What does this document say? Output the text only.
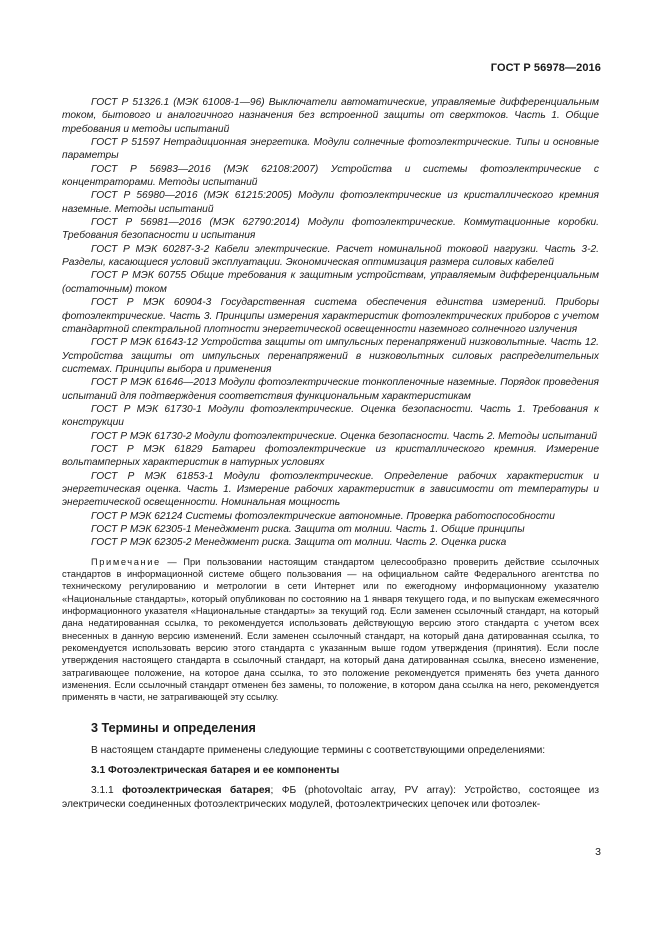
ГОСТ Р 56978—2016

ГОСТ Р 51326.1 (МЭК 61008-1—96) Выключатели автоматические, управляемые дифференциальным током, бытового и аналогичного назначения без встроенной защиты от сверхтоков. Часть 1. Общие требования и методы испытаний

ГОСТ Р 51597 Нетрадиционная энергетика. Модули солнечные фотоэлектрические. Типы и основные параметры

ГОСТ Р 56983—2016 (МЭК 62108:2007) Устройства и системы фотоэлектрические с концентраторами. Методы испытаний

ГОСТ Р 56980—2016 (МЭК 61215:2005) Модули фотоэлектрические из кристаллического кремния наземные. Методы испытаний

ГОСТ Р 56981—2016 (МЭК 62790:2014) Модули фотоэлектрические. Коммутационные коробки. Требования безопасности и испытания

ГОСТ Р МЭК 60287-3-2 Кабели электрические. Расчет номинальной токовой нагрузки. Часть 3-2. Разделы, касающиеся условий эксплуатации. Экономическая оптимизация размера силовых кабелей

ГОСТ Р МЭК 60755 Общие требования к защитным устройствам, управляемым дифференциальным (остаточным) током

ГОСТ Р МЭК 60904-3 Государственная система обеспечения единства измерений. Приборы фотоэлектрические. Часть 3. Принципы измерения характеристик фотоэлектрических приборов с учетом стандартной спектральной плотности энергетической освещенности наземного солнечного излучения

ГОСТ Р МЭК 61643-12 Устройства защиты от импульсных перенапряжений низковольтные. Часть 12. Устройства защиты от импульсных перенапряжений в низковольтных силовых распределительных системах. Принципы выбора и применения

ГОСТ Р МЭК 61646—2013 Модули фотоэлектрические тонкопленочные наземные. Порядок проведения испытаний для подтверждения соответствия функциональным характеристикам

ГОСТ Р МЭК 61730-1 Модули фотоэлектрические. Оценка безопасности. Часть 1. Требования к конструкции

ГОСТ Р МЭК 61730-2 Модули фотоэлектрические. Оценка безопасности. Часть 2. Методы испытаний

ГОСТ Р МЭК 61829 Батареи фотоэлектрические из кристаллического кремния. Измерение вольтамперных характеристик в натурных условиях

ГОСТ Р МЭК 61853-1 Модули фотоэлектрические. Определение рабочих характеристик и энергетическая оценка. Часть 1. Измерение рабочих характеристик в зависимости от температуры и энергетической освещенности. Номинальная мощность

ГОСТ Р МЭК 62124 Системы фотоэлектрические автономные. Проверка работоспособности

ГОСТ Р МЭК 62305-1 Менеджмент риска. Защита от молнии. Часть 1. Общие принципы

ГОСТ Р МЭК 62305-2 Менеджмент риска. Защита от молнии. Часть 2. Оценка риска

Примечание — При пользовании настоящим стандартом целесообразно проверить действие ссылочных стандартов в информационной системе общего пользования — на официальном сайте Федерального агентства по техническому регулированию и метрологии в сети Интернет или по ежегодному информационному указателю «Национальные стандарты», который опубликован по состоянию на 1 января текущего года, и по выпускам ежемесячного информационного указателя «Национальные стандарты» за текущий год. Если заменен ссылочный стандарт, на который дана недатированная ссылка, то рекомендуется использовать действующую версию этого стандарта с учетом всех внесенных в данную версию изменений. Если заменен ссылочный стандарт, на который дана датированная ссылка, то рекомендуется использовать версию этого стандарта с указанным выше годом утверждения (принятия). Если после утверждения настоящего стандарта в ссылочный стандарт, на который дана датированная ссылка, внесено изменение, затрагивающее положение, на которое дана ссылка, то это положение рекомендуется применять без учета данного изменения. Если ссылочный стандарт отменен без замены, то положение, в котором дана ссылка на него, рекомендуется применять в части, не затрагивающей эту ссылку.
3 Термины и определения
В настоящем стандарте применены следующие термины с соответствующими определениями:
3.1 Фотоэлектрическая батарея и ее компоненты
3.1.1 фотоэлектрическая батарея; ФБ (photovoltaic array, PV array): Устройство, состоящее из электрически соединенных фотоэлектрических модулей, фотоэлектрических цепочек или фотоэлек-
3
